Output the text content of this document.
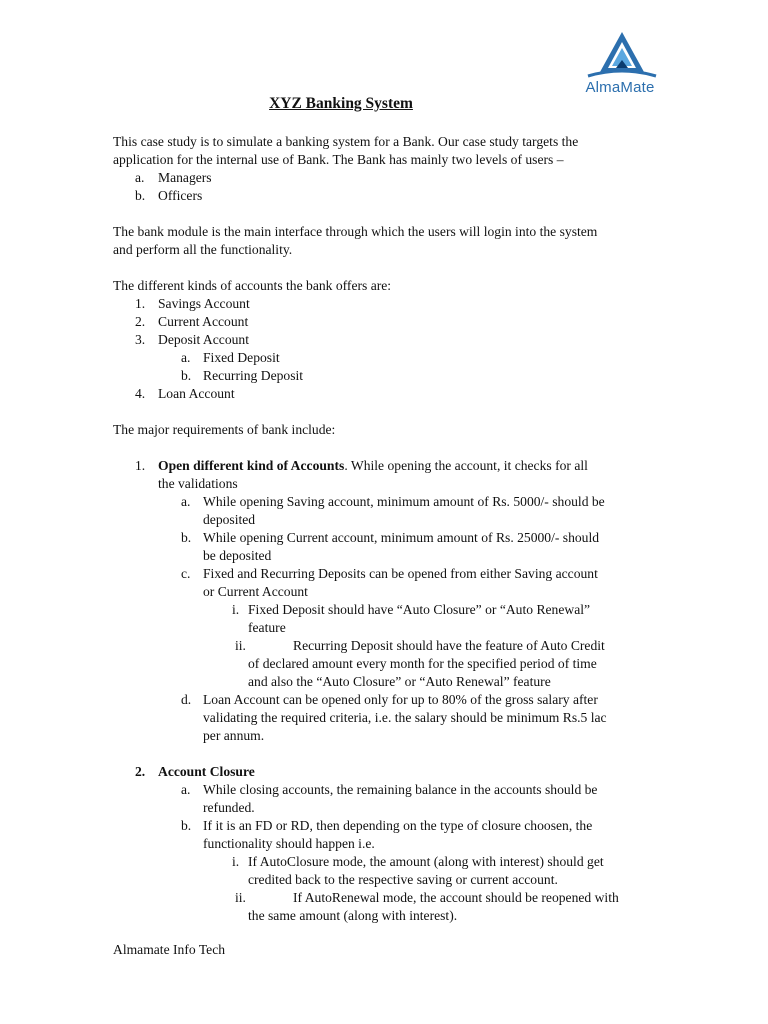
AlmaMate
XYZ Banking System
This case study is to simulate a banking system for a Bank. Our case study targets the
application for the internal use of Bank. The Bank has mainly two levels of users –
a. Managers
b. Officers
The bank module is the main interface through which the users will login into the system
and perform all the functionality.
The different kinds of accounts the bank offers are:
1. Savings Account
2. Current Account
3. Deposit Account
a. Fixed Deposit
b. Recurring Deposit
4. Loan Account
The major requirements of bank include:
1. Open different kind of Accounts. While opening the account, it checks for all
the validations
a. While opening Saving account, minimum amount of Rs. 5000/- should be
deposited
b. While opening Current account, minimum amount of Rs. 25000/- should
be deposited
c. Fixed and Recurring Deposits can be opened from either Saving account
or Current Account
i. Fixed Deposit should have “Auto Closure” or “Auto Renewal”
feature
ii.	Recurring Deposit should have the feature of Auto Credit
of declared amount every month for the specified period of time
and also the “Auto Closure” or “Auto Renewal” feature
d. Loan Account can be opened only for up to 80% of the gross salary after
validating the required criteria, i.e. the salary should be minimum Rs.5 lac
per annum.
2. Account Closure
a. While closing accounts, the remaining balance in the accounts should be
refunded.
b. If it is an FD or RD, then depending on the type of closure choosen, the
functionality should happen i.e.
i. If AutoClosure mode, the amount (along with interest) should get
credited back to the respective saving or current account.
ii.	If AutoRenewal mode, the account should be reopened with
the same amount (along with interest).
Almamate Info Tech
